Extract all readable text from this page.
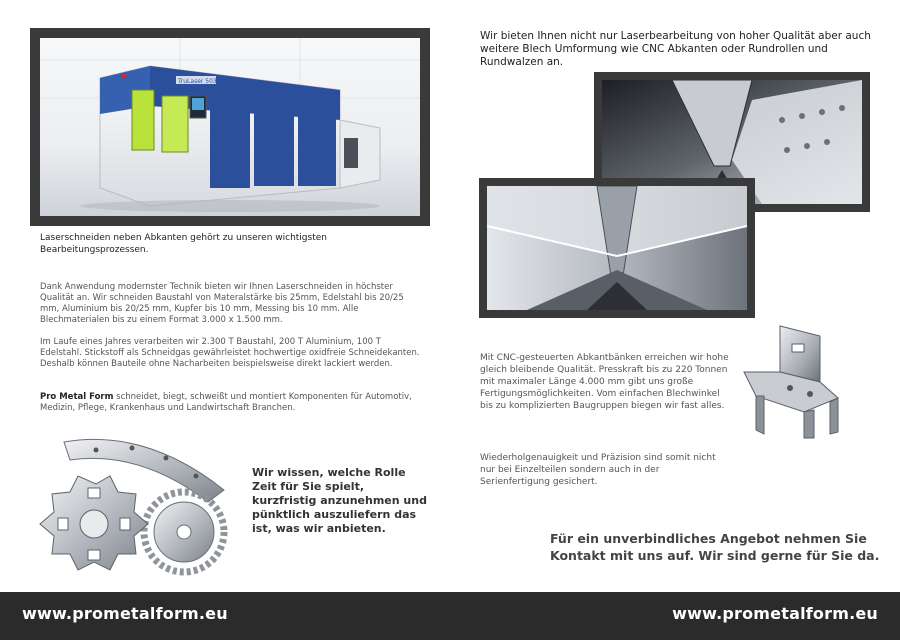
TruLaser 5030
Laserschneiden neben Abkanten gehört zu unseren wichtigsten Bearbeitungsprozessen.
Dank Anwendung modernster Technik bieten wir Ihnen Laserschneiden in höchster Qualität an. Wir schneiden Baustahl von Materalstärke bis 25mm, Edelstahl bis 20/25 mm, Aluminium bis 20/25 mm, Kupfer bis 10 mm, Messing bis 10 mm. Alle Blechmaterialen bis zu einem Format 3.000 x 1.500 mm.
Im Laufe eines Jahres verarbeiten wir 2.300 T Baustahl, 200 T Aluminium, 100 T Edelstahl. Stickstoff als Schneidgas gewährleistet hochwertige oxidfreie Schneidekanten. Deshalb können Bauteile ohne Nacharbeiten beispielsweise direkt lackiert werden.
Pro Metal Form schneidet, biegt, schweißt und montiert Komponenten für Automotiv, Medizin, Pflege, Krankenhaus und Landwirtschaft Branchen.
Wir wissen, welche Rolle Zeit für Sie spielt, kurzfristig anzunehmen und pünktlich auszuliefern das ist, was wir anbieten.
Wir bieten Ihnen nicht nur Laserbearbeitung von hoher Qualität aber auch weitere Blech Umformung wie CNC Abkanten oder Rundrollen und Rundwalzen an.
Mit CNC-gesteuerten Abkantbänken erreichen wir hohe gleich bleibende Qualität. Presskraft bis zu 220 Tonnen mit maximaler Länge 4.000 mm gibt uns große Fertigungsmöglichkeiten. Vom einfachen Blechwinkel bis zu komplizierten Baugruppen biegen wir fast alles.
Wiederholgenauigkeit und Präzision sind somit nicht nur bei Einzelteilen sondern auch in der Serienfertigung gesichert.
Für ein unverbindliches Angebot nehmen Sie Kontakt mit uns auf. Wir sind gerne für Sie da.
www.prometalform.eu	www.prometalform.eu
